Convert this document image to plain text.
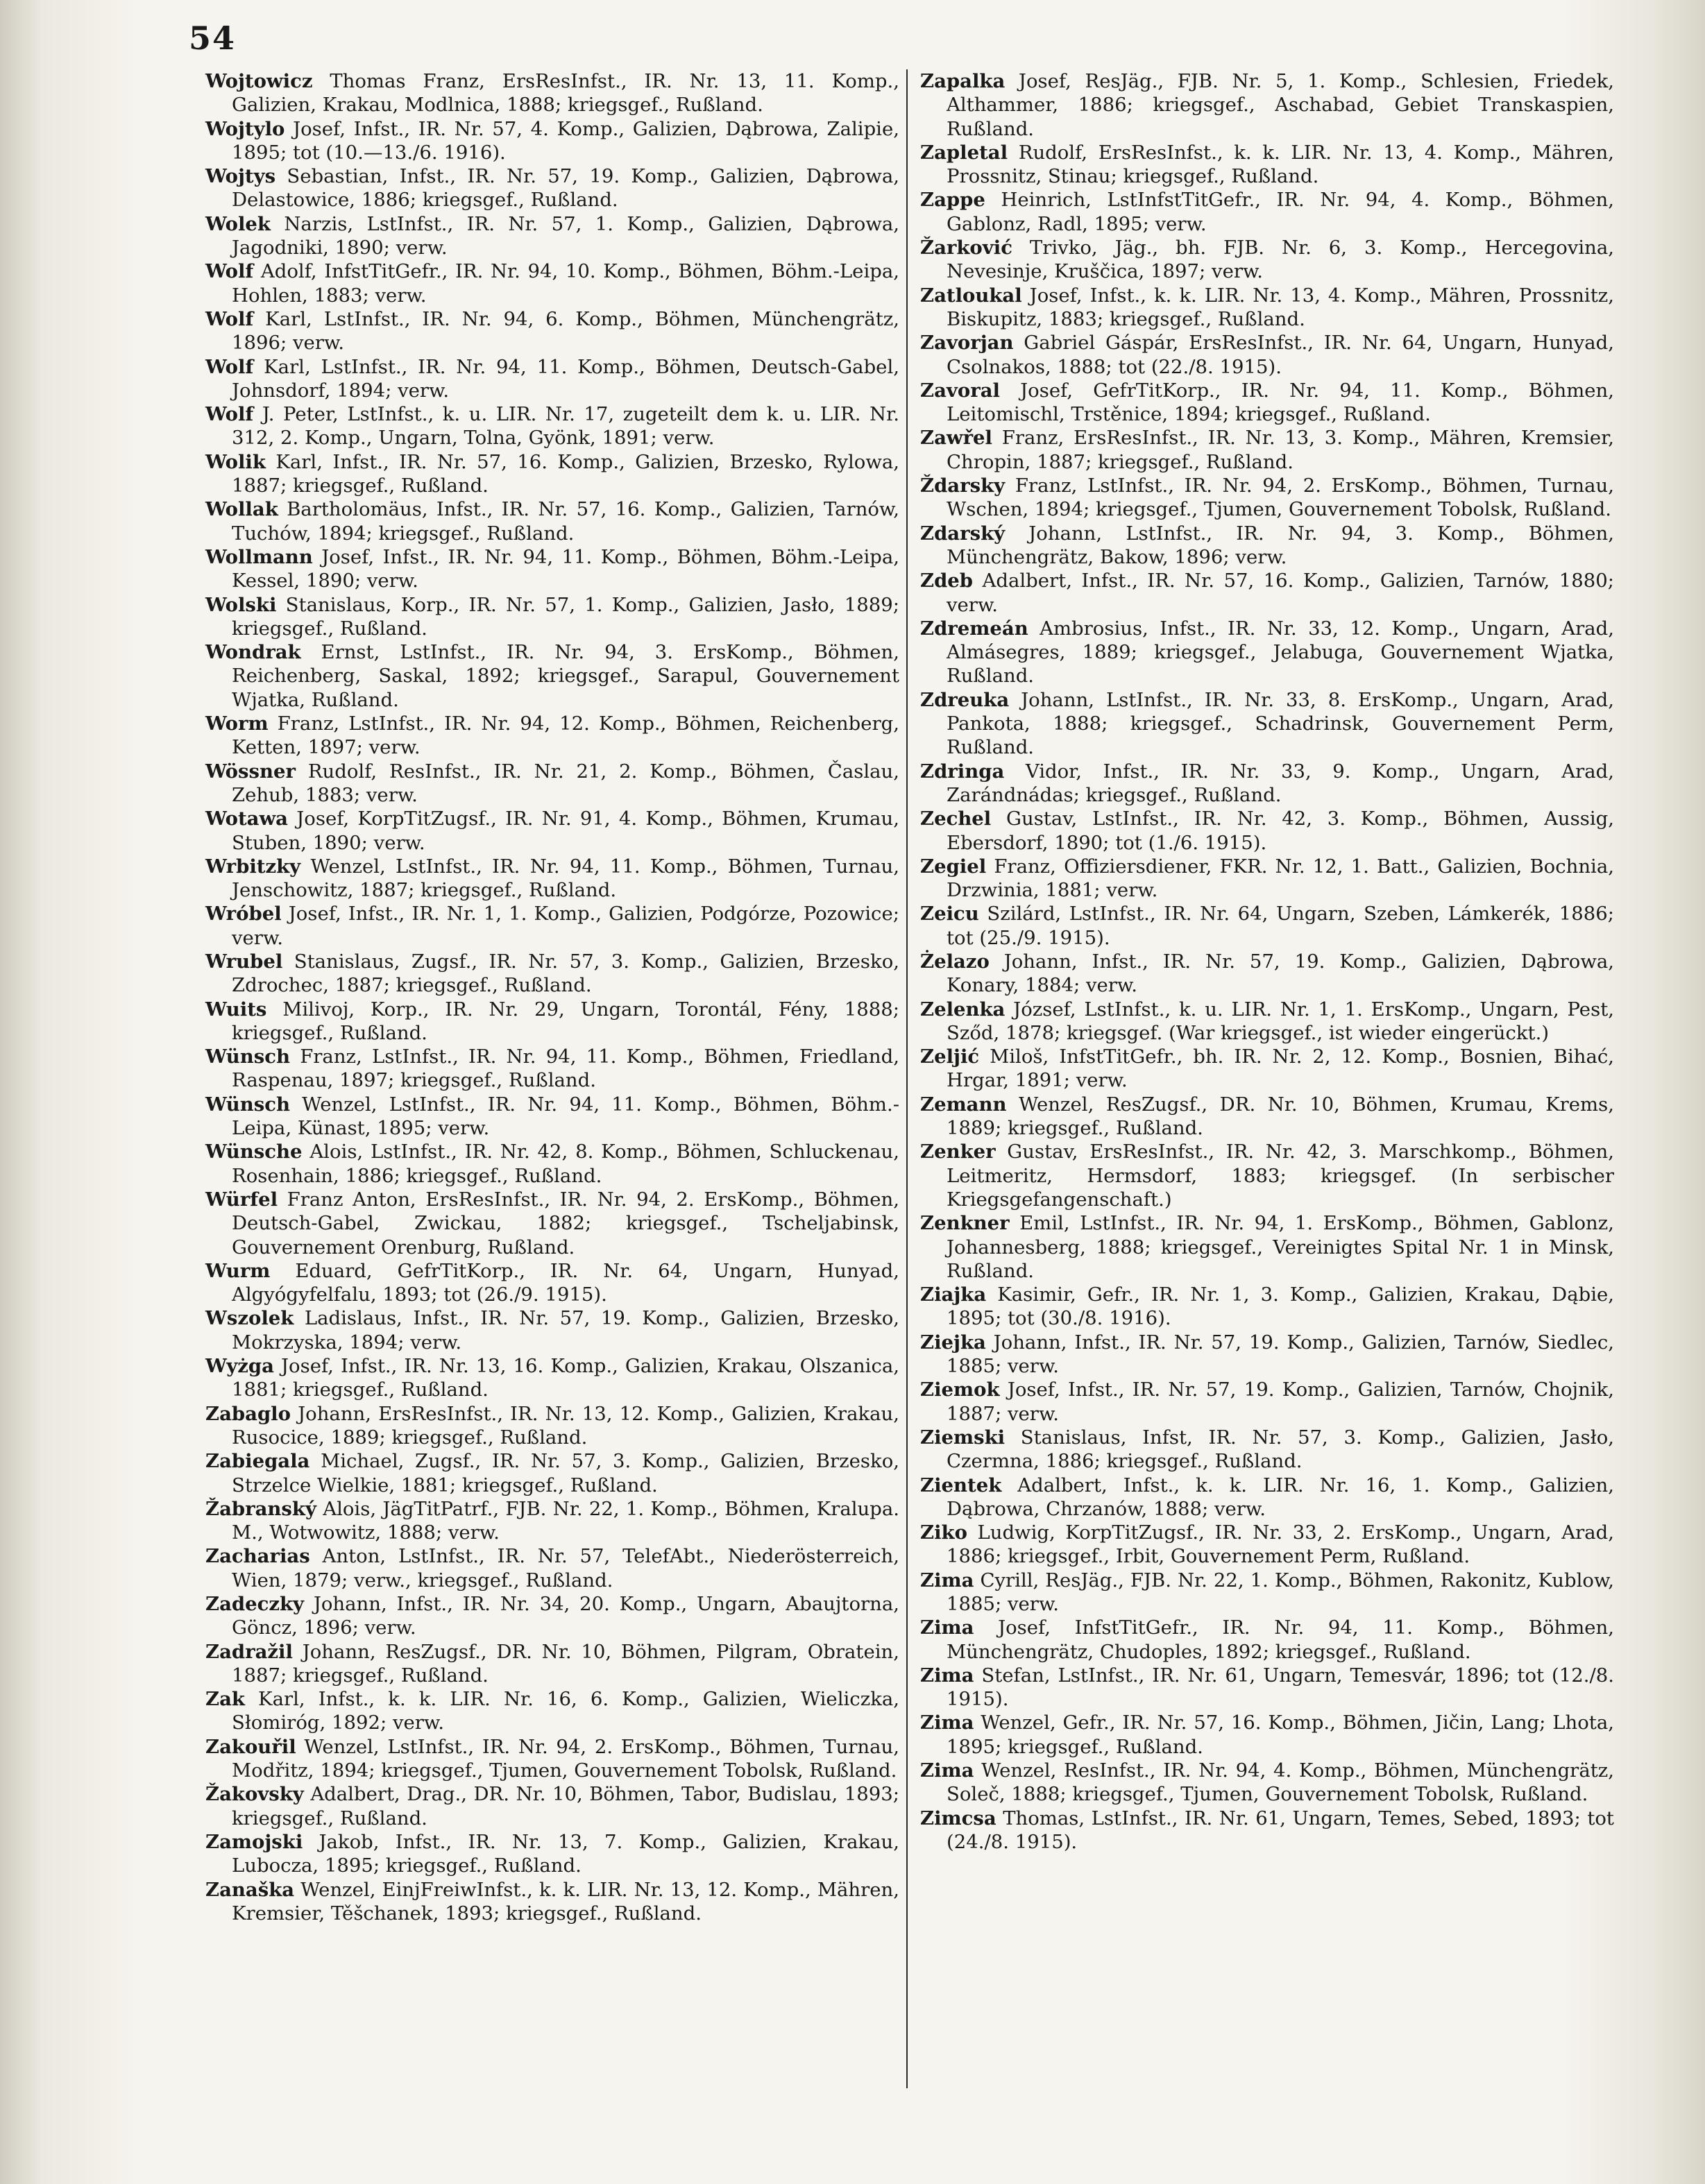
54

Wojtowicz Thomas Franz, ErsResInfst., IR. Nr. 13, 11. Komp., Galizien, Krakau, Modlnica, 1888; kriegsgef., Rußland.

Wojtylo Josef, Infst., IR. Nr. 57, 4. Komp., Galizien, Dąbrowa, Zalipie, 1895; tot (10.—13./6. 1916).

Wojtys Sebastian, Infst., IR. Nr. 57, 19. Komp., Galizien, Dąbrowa, Delastowice, 1886; kriegsgef., Rußland.

Wolek Narzis, LstInfst., IR. Nr. 57, 1. Komp., Galizien, Dąbrowa, Jagodniki, 1890; verw.

Wolf Adolf, InfstTitGefr., IR. Nr. 94, 10. Komp., Böhmen, Böhm.-Leipa, Hohlen, 1883; verw.

Wolf Karl, LstInfst., IR. Nr. 94, 6. Komp., Böhmen, Münchengrätz, 1896; verw.

Wolf Karl, LstInfst., IR. Nr. 94, 11. Komp., Böhmen, Deutsch-Gabel, Johnsdorf, 1894; verw.

Wolf J. Peter, LstInfst., k. u. LIR. Nr. 17, zugeteilt dem k. u. LIR. Nr. 312, 2. Komp., Ungarn, Tolna, Gyönk, 1891; verw.

Wolik Karl, Infst., IR. Nr. 57, 16. Komp., Galizien, Brzesko, Rylowa, 1887; kriegsgef., Rußland.

Wollak Bartholomäus, Infst., IR. Nr. 57, 16. Komp., Galizien, Tarnów, Tuchów, 1894; kriegsgef., Rußland.

Wollmann Josef, Infst., IR. Nr. 94, 11. Komp., Böhmen, Böhm.-Leipa, Kessel, 1890; verw.

Wolski Stanislaus, Korp., IR. Nr. 57, 1. Komp., Galizien, Jasło, 1889; kriegsgef., Rußland.

Wondrak Ernst, LstInfst., IR. Nr. 94, 3. ErsKomp., Böhmen, Reichenberg, Saskal, 1892; kriegsgef., Sarapul, Gouvernement Wjatka, Rußland.

Worm Franz, LstInfst., IR. Nr. 94, 12. Komp., Böhmen, Reichenberg, Ketten, 1897; verw.

Wössner Rudolf, ResInfst., IR. Nr. 21, 2. Komp., Böhmen, Časlau, Zehub, 1883; verw.

Wotawa Josef, KorpTitZugsf., IR. Nr. 91, 4. Komp., Böhmen, Krumau, Stuben, 1890; verw.

Wrbitzky Wenzel, LstInfst., IR. Nr. 94, 11. Komp., Böhmen, Turnau, Jenschowitz, 1887; kriegsgef., Rußland.

Wróbel Josef, Infst., IR. Nr. 1, 1. Komp., Galizien, Podgórze, Pozowice; verw.

Wrubel Stanislaus, Zugsf., IR. Nr. 57, 3. Komp., Galizien, Brzesko, Zdrochec, 1887; kriegsgef., Rußland.

Wuits Milivoj, Korp., IR. Nr. 29, Ungarn, Torontál, Fény, 1888; kriegsgef., Rußland.

Wünsch Franz, LstInfst., IR. Nr. 94, 11. Komp., Böhmen, Friedland, Raspenau, 1897; kriegsgef., Rußland.

Wünsch Wenzel, LstInfst., IR. Nr. 94, 11. Komp., Böhmen, Böhm.-Leipa, Künast, 1895; verw.

Wünsche Alois, LstInfst., IR. Nr. 42, 8. Komp., Böhmen, Schluckenau, Rosenhain, 1886; kriegsgef., Rußland.

Würfel Franz Anton, ErsResInfst., IR. Nr. 94, 2. ErsKomp., Böhmen, Deutsch-Gabel, Zwickau, 1882; kriegsgef., Tscheljabinsk, Gouvernement Orenburg, Rußland.

Wurm Eduard, GefrTitKorp., IR. Nr. 64, Ungarn, Hunyad, Algyógyfelfalu, 1893; tot (26./9. 1915).

Wszolek Ladislaus, Infst., IR. Nr. 57, 19. Komp., Galizien, Brzesko, Mokrzyska, 1894; verw.

Wyżga Josef, Infst., IR. Nr. 13, 16. Komp., Galizien, Krakau, Olszanica, 1881; kriegsgef., Rußland.

Zabaglo Johann, ErsResInfst., IR. Nr. 13, 12. Komp., Galizien, Krakau, Rusocice, 1889; kriegsgef., Rußland.

Zabiegala Michael, Zugsf., IR. Nr. 57, 3. Komp., Galizien, Brzesko, Strzelce Wielkie, 1881; kriegsgef., Rußland.

Žabranský Alois, JägTitPatrf., FJB. Nr. 22, 1. Komp., Böhmen, Kralupa. M., Wotwowitz, 1888; verw.

Zacharias Anton, LstInfst., IR. Nr. 57, TelefAbt., Niederösterreich, Wien, 1879; verw., kriegsgef., Rußland.

Zadeczky Johann, Infst., IR. Nr. 34, 20. Komp., Ungarn, Abaujtorna, Göncz, 1896; verw.

Zadražil Johann, ResZugsf., DR. Nr. 10, Böhmen, Pilgram, Obratein, 1887; kriegsgef., Rußland.

Zak Karl, Infst., k. k. LIR. Nr. 16, 6. Komp., Galizien, Wieliczka, Słomiróg, 1892; verw.

Zakouřil Wenzel, LstInfst., IR. Nr. 94, 2. ErsKomp., Böhmen, Turnau, Modřitz, 1894; kriegsgef., Tjumen, Gouvernement Tobolsk, Rußland.

Žakovsky Adalbert, Drag., DR. Nr. 10, Böhmen, Tabor, Budislau, 1893; kriegsgef., Rußland.

Zamojski Jakob, Infst., IR. Nr. 13, 7. Komp., Galizien, Krakau, Lubocza, 1895; kriegsgef., Rußland.

Zanaška Wenzel, EinjFreiwInfst., k. k. LIR. Nr. 13, 12. Komp., Mähren, Kremsier, Těšchanek, 1893; kriegsgef., Rußland.

Zapalka Josef, ResJäg., FJB. Nr. 5, 1. Komp., Schlesien, Friedek, Althammer, 1886; kriegsgef., Aschabad, Gebiet Transkaspien, Rußland.

Zapletal Rudolf, ErsResInfst., k. k. LIR. Nr. 13, 4. Komp., Mähren, Prossnitz, Stinau; kriegsgef., Rußland.

Zappe Heinrich, LstInfstTitGefr., IR. Nr. 94, 4. Komp., Böhmen, Gablonz, Radl, 1895; verw.

Žarković Trivko, Jäg., bh. FJB. Nr. 6, 3. Komp., Hercegovina, Nevesinje, Kruščica, 1897; verw.

Zatloukal Josef, Infst., k. k. LIR. Nr. 13, 4. Komp., Mähren, Prossnitz, Biskupitz, 1883; kriegsgef., Rußland.

Zavorjan Gabriel Gáspár, ErsResInfst., IR. Nr. 64, Ungarn, Hunyad, Csolnakos, 1888; tot (22./8. 1915).

Zavoral Josef, GefrTitKorp., IR. Nr. 94, 11. Komp., Böhmen, Leitomischl, Trstěnice, 1894; kriegsgef., Rußland.

Zawřel Franz, ErsResInfst., IR. Nr. 13, 3. Komp., Mähren, Kremsier, Chropin, 1887; kriegsgef., Rußland.

Ždarsky Franz, LstInfst., IR. Nr. 94, 2. ErsKomp., Böhmen, Turnau, Wschen, 1894; kriegsgef., Tjumen, Gouvernement Tobolsk, Rußland.

Zdarský Johann, LstInfst., IR. Nr. 94, 3. Komp., Böhmen, Münchengrätz, Bakow, 1896; verw.

Zdeb Adalbert, Infst., IR. Nr. 57, 16. Komp., Galizien, Tarnów, 1880; verw.

Zdremeán Ambrosius, Infst., IR. Nr. 33, 12. Komp., Ungarn, Arad, Almásegres, 1889; kriegsgef., Jelabuga, Gouvernement Wjatka, Rußland.

Zdreuka Johann, LstInfst., IR. Nr. 33, 8. ErsKomp., Ungarn, Arad, Pankota, 1888; kriegsgef., Schadrinsk, Gouvernement Perm, Rußland.

Zdringa Vidor, Infst., IR. Nr. 33, 9. Komp., Ungarn, Arad, Zarándnádas; kriegsgef., Rußland.

Zechel Gustav, LstInfst., IR. Nr. 42, 3. Komp., Böhmen, Aussig, Ebersdorf, 1890; tot (1./6. 1915).

Zegiel Franz, Offiziersdiener, FKR. Nr. 12, 1. Batt., Galizien, Bochnia, Drzwinia, 1881; verw.

Zeicu Szilárd, LstInfst., IR. Nr. 64, Ungarn, Szeben, Lámkerék, 1886; tot (25./9. 1915).

Żelazo Johann, Infst., IR. Nr. 57, 19. Komp., Galizien, Dąbrowa, Konary, 1884; verw.

Zelenka József, LstInfst., k. u. LIR. Nr. 1, 1. ErsKomp., Ungarn, Pest, Sződ, 1878; kriegsgef. (War kriegsgef., ist wieder eingerückt.)

Zeljić Miloš, InfstTitGefr., bh. IR. Nr. 2, 12. Komp., Bosnien, Bihać, Hrgar, 1891; verw.

Zemann Wenzel, ResZugsf., DR. Nr. 10, Böhmen, Krumau, Krems, 1889; kriegsgef., Rußland.

Zenker Gustav, ErsResInfst., IR. Nr. 42, 3. Marschkomp., Böhmen, Leitmeritz, Hermsdorf, 1883; kriegsgef. (In serbischer Kriegsgefangenschaft.)

Zenkner Emil, LstInfst., IR. Nr. 94, 1. ErsKomp., Böhmen, Gablonz, Johannesberg, 1888; kriegsgef., Vereinigtes Spital Nr. 1 in Minsk, Rußland.

Ziajka Kasimir, Gefr., IR. Nr. 1, 3. Komp., Galizien, Krakau, Dąbie, 1895; tot (30./8. 1916).

Ziejka Johann, Infst., IR. Nr. 57, 19. Komp., Galizien, Tarnów, Siedlec, 1885; verw.

Ziemok Josef, Infst., IR. Nr. 57, 19. Komp., Galizien, Tarnów, Chojnik, 1887; verw.

Ziemski Stanislaus, Infst, IR. Nr. 57, 3. Komp., Galizien, Jasło, Czermna, 1886; kriegsgef., Rußland.

Zientek Adalbert, Infst., k. k. LIR. Nr. 16, 1. Komp., Galizien, Dąbrowa, Chrzanów, 1888; verw.

Ziko Ludwig, KorpTitZugsf., IR. Nr. 33, 2. ErsKomp., Ungarn, Arad, 1886; kriegsgef., Irbit, Gouvernement Perm, Rußland.

Zima Cyrill, ResJäg., FJB. Nr. 22, 1. Komp., Böhmen, Rakonitz, Kublow, 1885; verw.

Zima Josef, InfstTitGefr., IR. Nr. 94, 11. Komp., Böhmen, Münchengrätz, Chudoples, 1892; kriegsgef., Rußland.

Zima Stefan, LstInfst., IR. Nr. 61, Ungarn, Temesvár, 1896; tot (12./8. 1915).

Zima Wenzel, Gefr., IR. Nr. 57, 16. Komp., Böhmen, Jičin, Lang; Lhota, 1895; kriegsgef., Rußland.

Zima Wenzel, ResInfst., IR. Nr. 94, 4. Komp., Böhmen, Münchengrätz, Soleč, 1888; kriegsgef., Tjumen, Gouvernement Tobolsk, Rußland.

Zimcsa Thomas, LstInfst., IR. Nr. 61, Ungarn, Temes, Sebed, 1893; tot (24./8. 1915).
